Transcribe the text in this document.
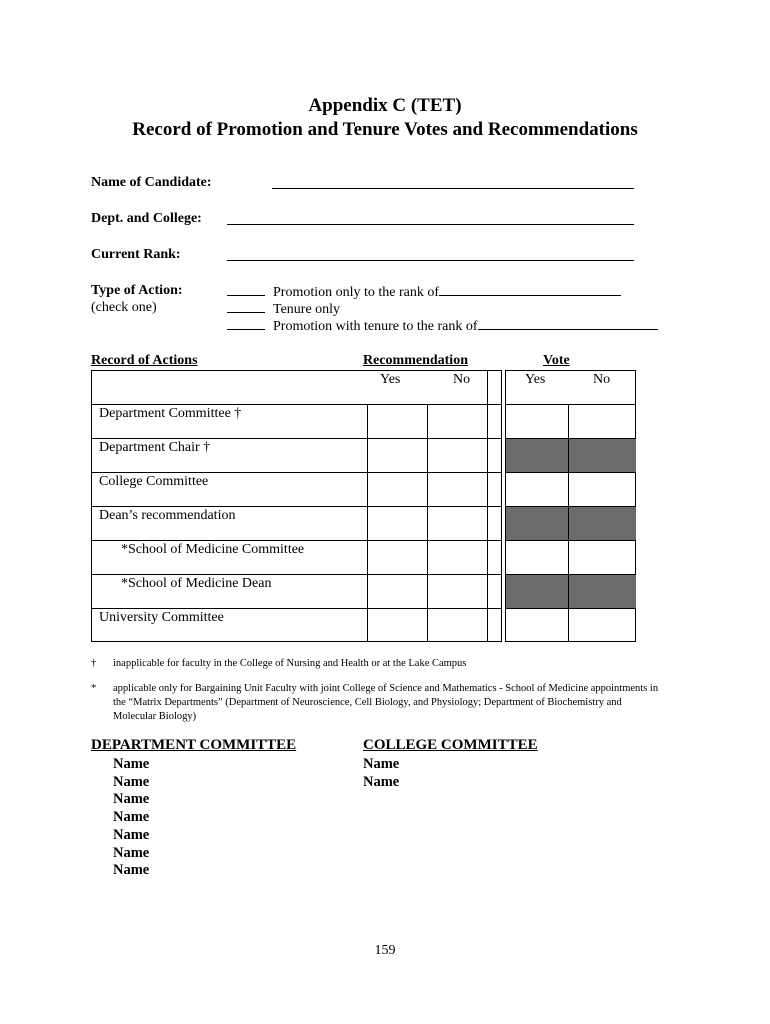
Appendix C (TET)
Record of Promotion and Tenure Votes and Recommendations
Name of Candidate:
Dept. and College:
Current Rank:
Type of Action:
(check one)
Promotion only to the rank of
Tenure only
Promotion with tenure to the rank of
Record of Actions	Recommendation	Vote
Yes	No	Yes	No
Department Committee †
Department Chair †
College Committee
Dean’s recommendation
*School of Medicine Committee
*School of Medicine Dean
University Committee
† inapplicable for faculty in the College of Nursing and Health or at the Lake Campus
* applicable only for Bargaining Unit Faculty with joint College of Science and Mathematics - School of Medicine appointments in the “Matrix Departments” (Department of Neuroscience, Cell Biology, and Physiology; Department of Biochemistry and Molecular Biology)
DEPARTMENT COMMITTEE
Name
Name
Name
Name
Name
Name
Name
COLLEGE COMMITTEE
Name
Name
159
